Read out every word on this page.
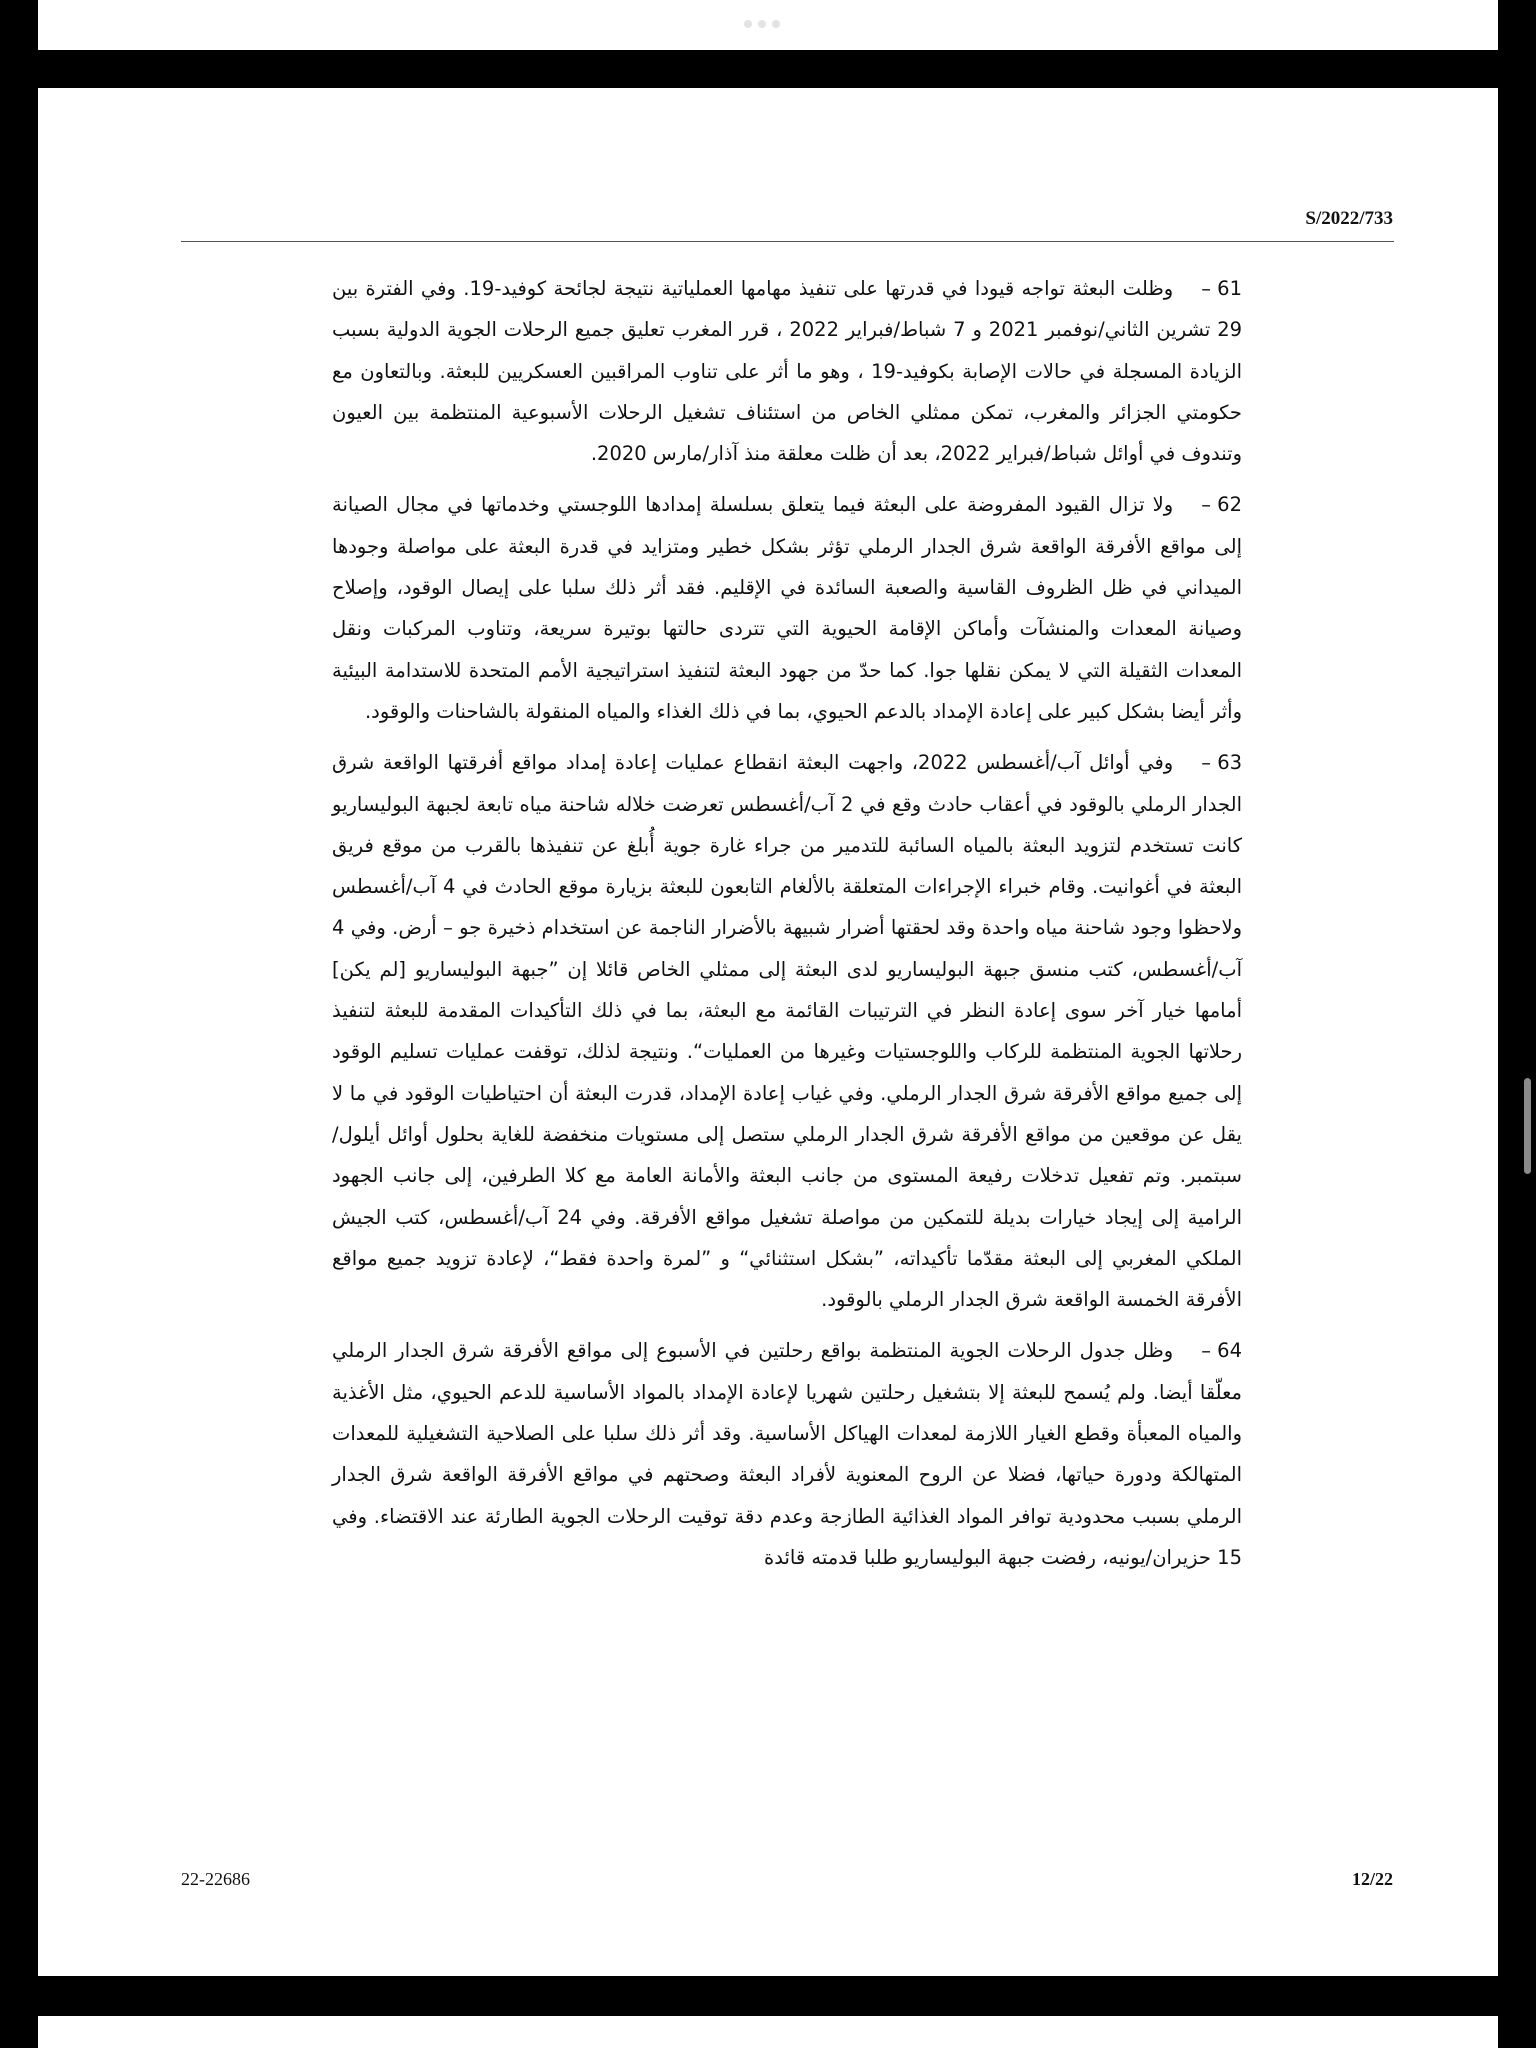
S/2022/733

61 –وظلت البعثة تواجه قيودا في قدرتها على تنفيذ مهامها العملياتية نتيجة لجائحة كوفيد-19. وفي الفترة بين 29 تشرين الثاني/نوفمبر 2021 و 7 شباط/فبراير 2022 ، قرر المغرب تعليق جميع الرحلات الجوية الدولية بسبب الزيادة المسجلة في حالات الإصابة بكوفيد-19 ، وهو ما أثر على تناوب المراقبين العسكريين للبعثة. وبالتعاون مع حكومتي الجزائر والمغرب، تمكن ممثلي الخاص من استئناف تشغيل الرحلات الأسبوعية المنتظمة بين العيون وتندوف في أوائل شباط/فبراير 2022، بعد أن ظلت معلقة منذ آذار/مارس 2020.

62 –ولا تزال القيود المفروضة على البعثة فيما يتعلق بسلسلة إمدادها اللوجستي وخدماتها في مجال الصيانة إلى مواقع الأفرقة الواقعة شرق الجدار الرملي تؤثر بشكل خطير ومتزايد في قدرة البعثة على مواصلة وجودها الميداني في ظل الظروف القاسية والصعبة السائدة في الإقليم. فقد أثر ذلك سلبا على إيصال الوقود، وإصلاح وصيانة المعدات والمنشآت وأماكن الإقامة الحيوية التي تتردى حالتها بوتيرة سريعة، وتناوب المركبات ونقل المعدات الثقيلة التي لا يمكن نقلها جوا. كما حدّ من جهود البعثة لتنفيذ استراتيجية الأمم المتحدة للاستدامة البيئية وأثر أيضا بشكل كبير على إعادة الإمداد بالدعم الحيوي، بما في ذلك الغذاء والمياه المنقولة بالشاحنات والوقود.

63 –وفي أوائل آب/أغسطس 2022، واجهت البعثة انقطاع عمليات إعادة إمداد مواقع أفرقتها الواقعة شرق الجدار الرملي بالوقود في أعقاب حادث وقع في 2 آب/أغسطس تعرضت خلاله شاحنة مياه تابعة لجبهة البوليساريو كانت تستخدم لتزويد البعثة بالمياه السائبة للتدمير من جراء غارة جوية أُبلغ عن تنفيذها بالقرب من موقع فريق البعثة في أغوانيت. وقام خبراء الإجراءات المتعلقة بالألغام التابعون للبعثة بزيارة موقع الحادث في 4 آب/أغسطس ولاحظوا وجود شاحنة مياه واحدة وقد لحقتها أضرار شبيهة بالأضرار الناجمة عن استخدام ذخيرة جو – أرض. وفي 4 آب/أغسطس، كتب منسق جبهة البوليساريو لدى البعثة إلى ممثلي الخاص قائلا إن ”جبهة البوليساريو [لم يكن] أمامها خيار آخر سوى إعادة النظر في الترتيبات القائمة مع البعثة، بما في ذلك التأكيدات المقدمة للبعثة لتنفيذ رحلاتها الجوية المنتظمة للركاب واللوجستيات وغيرها من العمليات“. ونتيجة لذلك، توقفت عمليات تسليم الوقود إلى جميع مواقع الأفرقة شرق الجدار الرملي. وفي غياب إعادة الإمداد، قدرت البعثة أن احتياطيات الوقود في ما لا يقل عن موقعين من مواقع الأفرقة شرق الجدار الرملي ستصل إلى مستويات منخفضة للغاية بحلول أوائل أيلول/سبتمبر. وتم تفعيل تدخلات رفيعة المستوى من جانب البعثة والأمانة العامة مع كلا الطرفين، إلى جانب الجهود الرامية إلى إيجاد خيارات بديلة للتمكين من مواصلة تشغيل مواقع الأفرقة. وفي 24 آب/أغسطس، كتب الجيش الملكي المغربي إلى البعثة مقدّما تأكيداته، ”بشكل استثنائي“ و ”لمرة واحدة فقط“، لإعادة تزويد جميع مواقع الأفرقة الخمسة الواقعة شرق الجدار الرملي بالوقود.

64 –وظل جدول الرحلات الجوية المنتظمة بواقع رحلتين في الأسبوع إلى مواقع الأفرقة شرق الجدار الرملي معلّقا أيضا. ولم يُسمح للبعثة إلا بتشغيل رحلتين شهريا لإعادة الإمداد بالمواد الأساسية للدعم الحيوي، مثل الأغذية والمياه المعبأة وقطع الغيار اللازمة لمعدات الهياكل الأساسية. وقد أثر ذلك سلبا على الصلاحية التشغيلية للمعدات المتهالكة ودورة حياتها، فضلا عن الروح المعنوية لأفراد البعثة وصحتهم في مواقع الأفرقة الواقعة شرق الجدار الرملي بسبب محدودية توافر المواد الغذائية الطازجة وعدم دقة توقيت الرحلات الجوية الطارئة عند الاقتضاء. وفي 15 حزيران/يونيه، رفضت جبهة البوليساريو طلبا قدمته قائدة

22-22686	12/22
